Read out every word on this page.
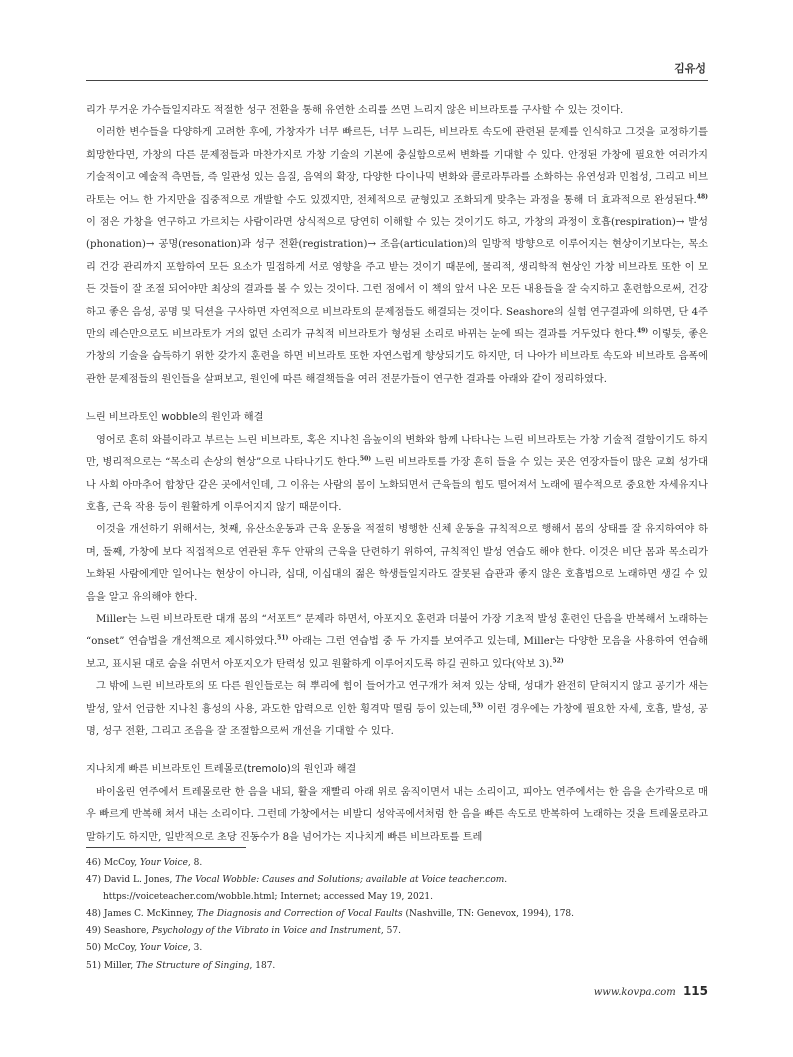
김유성

리가 무거운 가수들일지라도 적절한 성구 전환을 통해 유연한 소리를 쓰면 느리지 않은 비브라토를 구사할 수 있는 것이다.

이러한 변수들을 다양하게 고려한 후에, 가창자가 너무 빠르든, 너무 느리든, 비브라토 속도에 관련된 문제를 인식하고 그것을 교정하기를 희망한다면, 가창의 다른 문제점들과 마찬가지로 가창 기술의 기본에 충실함으로써 변화를 기대할 수 있다. 안정된 가창에 필요한 여러가지 기술적이고 예술적 측면들, 즉 일관성 있는 음질, 음역의 확장, 다양한 다이나믹 변화와 콜로라투라를 소화하는 유연성과 민첩성, 그리고 비브라토는 어느 한 가지만을 집중적으로 개발할 수도 있겠지만, 전체적으로 균형있고 조화되게 맞추는 과정을 통해 더 효과적으로 완성된다.$^{48)}$ 이 점은 가창을 연구하고 가르치는 사람이라면 상식적으로 당연히 이해할 수 있는 것이기도 하고, 가창의 과정이 호흡(respiration)→ 발성(phonation)→ 공명(resonation)과 성구 전환(registration)→ 조음(articulation)의 일방적 방향으로 이루어지는 현상이기보다는, 목소리 건강 관리까지 포함하여 모든 요소가 밀접하게 서로 영향을 주고 받는 것이기 때문에, 물리적, 생리학적 현상인 가창 비브라토 또한 이 모든 것들이 잘 조절 되어야만 최상의 결과를 볼 수 있는 것이다. 그런 점에서 이 책의 앞서 나온 모든 내용들을 잘 숙지하고 훈련함으로써, 건강하고 좋은 음성, 공명 및 딕션을 구사하면 자연적으로 비브라토의 문제점들도 해결되는 것이다. Seashore의 실험 연구결과에 의하면, 단 4주만의 레슨만으로도 비브라토가 거의 없던 소리가 규칙적 비브라토가 형성된 소리로 바뀌는 눈에 띄는 결과를 거두었다 한다.$^{49)}$ 이렇듯, 좋은 가창의 기술을 습득하기 위한 갖가지 훈련을 하면 비브라토 또한 자연스럽게 향상되기도 하지만, 더 나아가 비브라토 속도와 비브라토 음폭에 관한 문제점들의 원인들을 살펴보고, 원인에 따른 해결책들을 여러 전문가들이 연구한 결과를 아래와 같이 정리하였다.

느린 비브라토인 wobble의 원인과 해결

영어로 흔히 와블이라고 부르는 느린 비브라토, 혹은 지나친 음높이의 변화와 함께 나타나는 느린 비브라토는 가창 기술적 결함이기도 하지만, 병리적으로는 “목소리 손상의 현상”으로 나타나기도 한다.$^{50)}$ 느린 비브라토를 가장 흔히 들을 수 있는 곳은 연장자들이 많은 교회 성가대나 사회 아마추어 합창단 같은 곳에서인데, 그 이유는 사람의 몸이 노화되면서 근육들의 힘도 떨어져서 노래에 필수적으로 중요한 자세유지나 호흡, 근육 작용 등이 원활하게 이루어지지 않기 때문이다.

이것을 개선하기 위해서는, 첫째, 유산소운동과 근육 운동을 적절히 병행한 신체 운동을 규칙적으로 행해서 몸의 상태를 잘 유지하여야 하며, 둘째, 가창에 보다 직접적으로 연관된 후두 안팎의 근육을 단련하기 위하여, 규칙적인 발성 연습도 해야 한다. 이것은 비단 몸과 목소리가 노화된 사람에게만 일어나는 현상이 아니라, 십대, 이십대의 젊은 학생들일지라도 잘못된 습관과 좋지 않은 호흡법으로 노래하면 생길 수 있음을 알고 유의해야 한다.

Miller는 느린 비브라토란 대개 몸의 “서포트” 문제라 하면서, 아포지오 훈련과 더불어 가장 기초적 발성 훈련인 단음을 반복해서 노래하는 “onset” 연습법을 개선책으로 제시하였다.$^{51)}$ 아래는 그런 연습법 중 두 가지를 보여주고 있는데, Miller는 다양한 모음을 사용하여 연습해 보고, 표시된 대로 숨을 쉬면서 아포지오가 탄력성 있고 원활하게 이루어지도록 하길 권하고 있다(악보 3).$^{52)}$

그 밖에 느린 비브라토의 또 다른 원인들로는 혀 뿌리에 힘이 들어가고 연구개가 쳐져 있는 상태, 성대가 완전히 닫혀지지 않고 공기가 새는 발성, 앞서 언급한 지나친 흉성의 사용, 과도한 압력으로 인한 횡격막 떨림 등이 있는데,$^{53)}$ 이런 경우에는 가창에 필요한 자세, 호흡, 발성, 공명, 성구 전환, 그리고 조음을 잘 조절함으로써 개선을 기대할 수 있다.

지나치게 빠른 비브라토인 트레몰로(tremolo)의 원인과 해결

바이올린 연주에서 트레몰로란 한 음을 내되, 활을 재빨리 아래 위로 움직이면서 내는 소리이고, 피아노 연주에서는 한 음을 손가락으로 매우 빠르게 반복해 쳐서 내는 소리이다. 그런데 가창에서는 비발디 성악곡에서처럼 한 음을 빠른 속도로 반복하여 노래하는 것을 트레몰로라고 말하기도 하지만, 일반적으로 초당 진동수가 8을 넘어가는 지나치게 빠른 비브라토를 트레

46) McCoy, Your Voice, 8.
47) David L. Jones, The Vocal Wobble: Causes and Solutions; available at Voice teacher.com.
https://voiceteacher.com/wobble.html; Internet; accessed May 19, 2021.
48) James C. McKinney, The Diagnosis and Correction of Vocal Faults (Nashville, TN: Genevox, 1994), 178.
49) Seashore, Psychology of the Vibrato in Voice and Instrument, 57.
50) McCoy, Your Voice, 3.
51) Miller, The Structure of Singing, 187.
www.kovpa.com 115
